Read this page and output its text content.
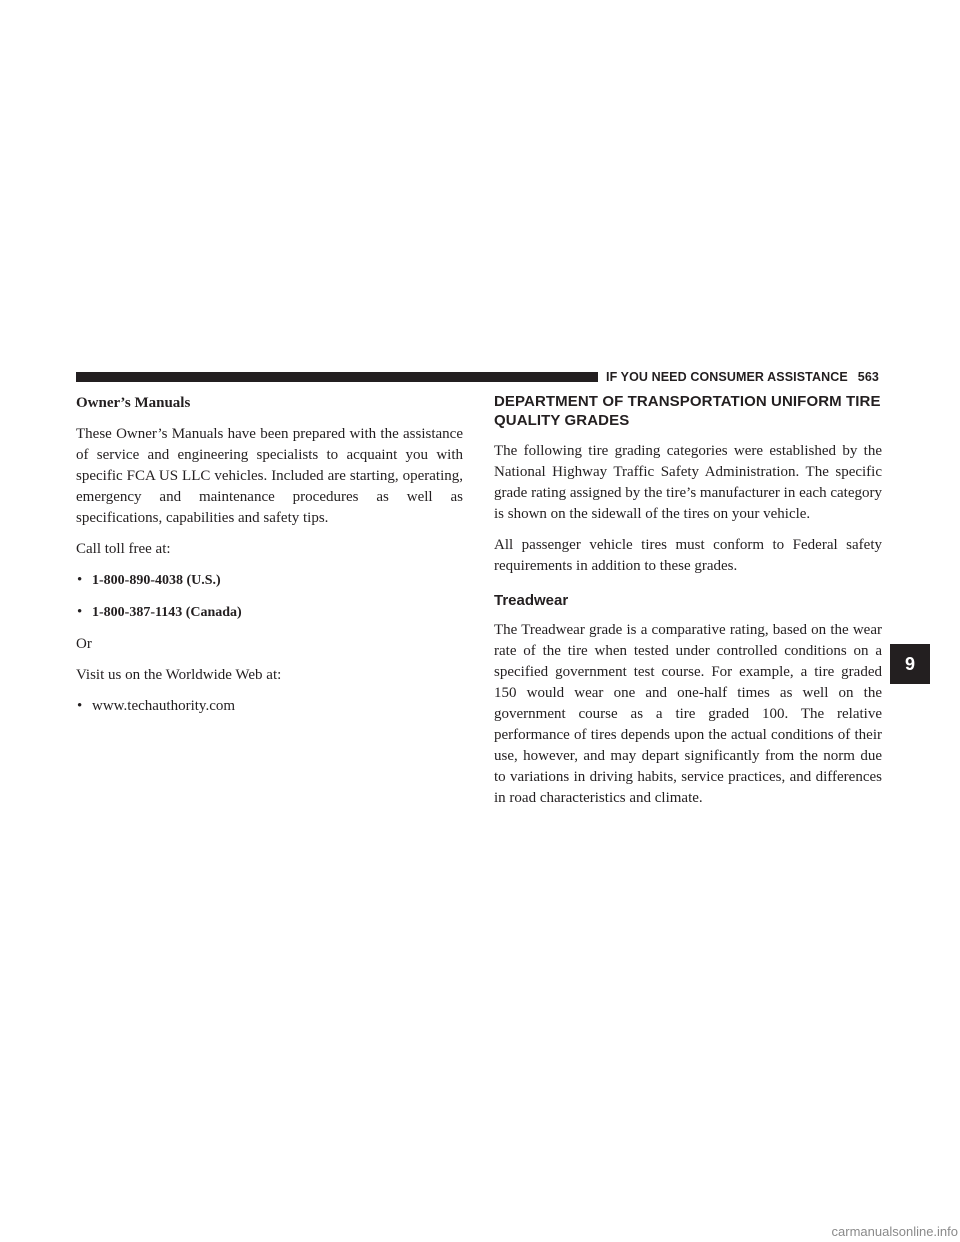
IF YOU NEED CONSUMER ASSISTANCE 563
Owner’s Manuals

These Owner’s Manuals have been prepared with the assistance of service and engineering specialists to acquaint you with specific FCA US LLC vehicles. Included are starting, operating, emergency and maintenance procedures as well as specifications, capabilities and safety tips.

Call toll free at:

• 1-800-890-4038 (U.S.)
• 1-800-387-1143 (Canada)

Or

Visit us on the Worldwide Web at:

• www.techauthority.com
DEPARTMENT OF TRANSPORTATION UNIFORM TIRE QUALITY GRADES

The following tire grading categories were established by the National Highway Traffic Safety Administration. The specific grade rating assigned by the tire’s manufacturer in each category is shown on the sidewall of the tires on your vehicle.

All passenger vehicle tires must conform to Federal safety requirements in addition to these grades.

Treadwear

The Treadwear grade is a comparative rating, based on the wear rate of the tire when tested under controlled conditions on a specified government test course. For example, a tire graded 150 would wear one and one-half times as well on the government course as a tire graded 100. The relative performance of tires depends upon the actual conditions of their use, however, and may depart significantly from the norm due to variations in driving habits, service practices, and differences in road characteristics and climate.

9
carmanualsonline.info
